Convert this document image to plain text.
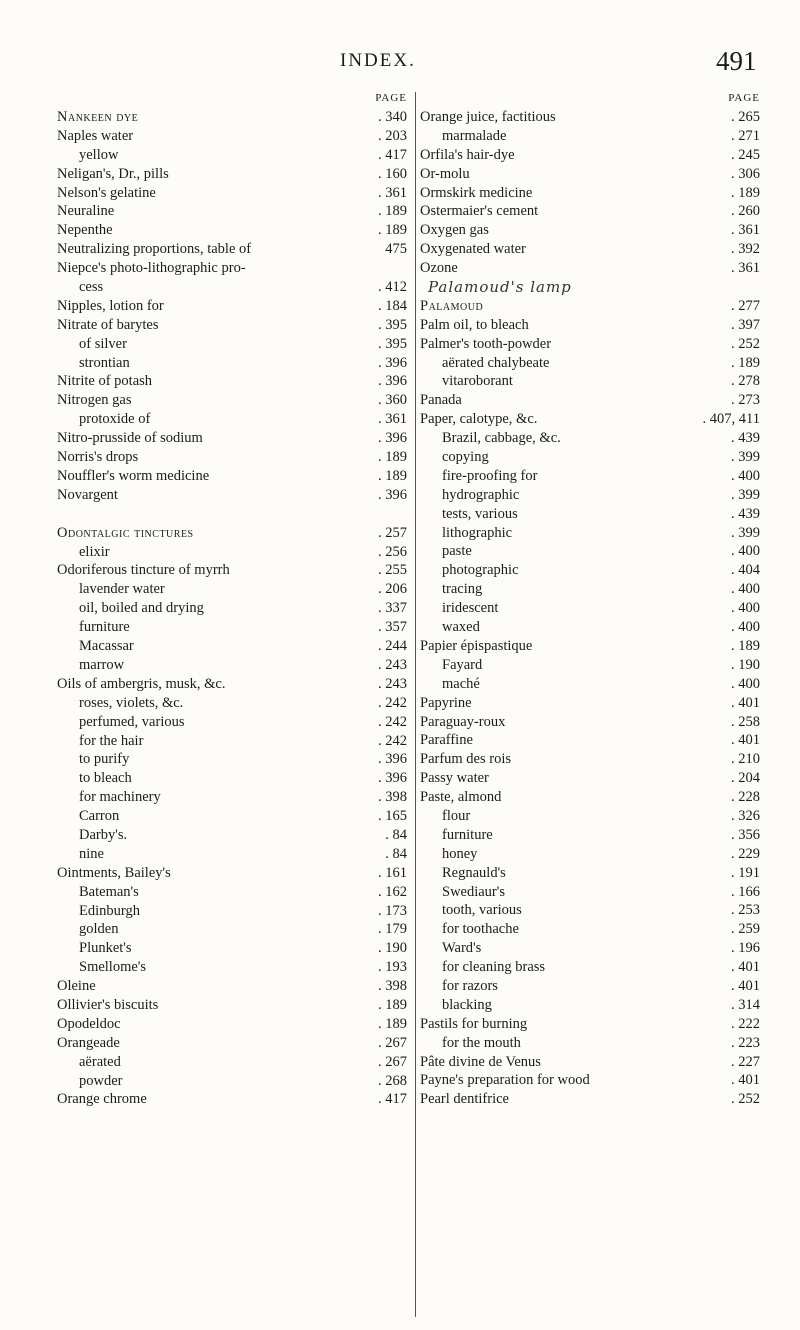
INDEX.	491
PAGE
Nankeen dye	. 340
Naples water	. 203
yellow	. 417
Neligan's, Dr., pills	. 160
Nelson's gelatine	. 361
Neuraline	. 189
Nepenthe	. 189
Neutralizing proportions, table of	475
Niepce's photo-lithographic pro-
cess	. 412
Nipples, lotion for	. 184
Nitrate of barytes	. 395
of silver	. 395
strontian	. 396
Nitrite of potash	. 396
Nitrogen gas	. 360
protoxide of	. 361
Nitro-prusside of sodium	. 396
Norris's drops	. 189
Nouffler's worm medicine	. 189
Novargent	. 396
Odontalgic tinctures	. 257
elixir	. 256
Odoriferous tincture of myrrh	. 255
lavender water	. 206
oil, boiled and drying	. 337
furniture	. 357
Macassar	. 244
marrow	. 243
Oils of ambergris, musk, &c.	. 243
roses, violets, &c.	. 242
perfumed, various	. 242
for the hair	. 242
to purify	. 396
to bleach	. 396
for machinery	. 398
Carron	. 165
Darby's.	. 84
nine	. 84
Ointments, Bailey's	. 161
Bateman's	. 162
Edinburgh	. 173
golden	. 179
Plunket's	. 190
Smellome's	. 193
Oleine	. 398
Ollivier's biscuits	. 189
Opodeldoc	. 189
Orangeade	. 267
aërated	. 267
powder	. 268
Orange chrome	. 417
PAGE
Orange juice, factitious	. 265
marmalade	. 271
Orfila's hair-dye	. 245
Or-molu	. 306
Ormskirk medicine	. 189
Ostermaier's cement	. 260
Oxygen gas	. 361
Oxygenated water	. 392
Ozone	. 361
Palamoud's lamp
Palamoud	. 277
Palm oil, to bleach	. 397
Palmer's tooth-powder	. 252
aërated chalybeate	. 189
vitaroborant	. 278
Panada	. 273
Paper, calotype, &c.	. 407, 411
Brazil, cabbage, &c.	. 439
copying	. 399
fire-proofing for	. 400
hydrographic	. 399
tests, various	. 439
lithographic	. 399
paste	. 400
photographic	. 404
tracing	. 400
iridescent	. 400
waxed	. 400
Papier épispastique	. 189
Fayard	. 190
maché	. 400
Papyrine	. 401
Paraguay-roux	. 258
Paraffine	. 401
Parfum des rois	. 210
Passy water	. 204
Paste, almond	. 228
flour	. 326
furniture	. 356
honey	. 229
Regnauld's	. 191
Swediaur's	. 166
tooth, various	. 253
for toothache	. 259
Ward's	. 196
for cleaning brass	. 401
for razors	. 401
blacking	. 314
Pastils for burning	. 222
for the mouth	. 223
Pâte divine de Venus	. 227
Payne's preparation for wood	. 401
Pearl dentifrice	. 252
